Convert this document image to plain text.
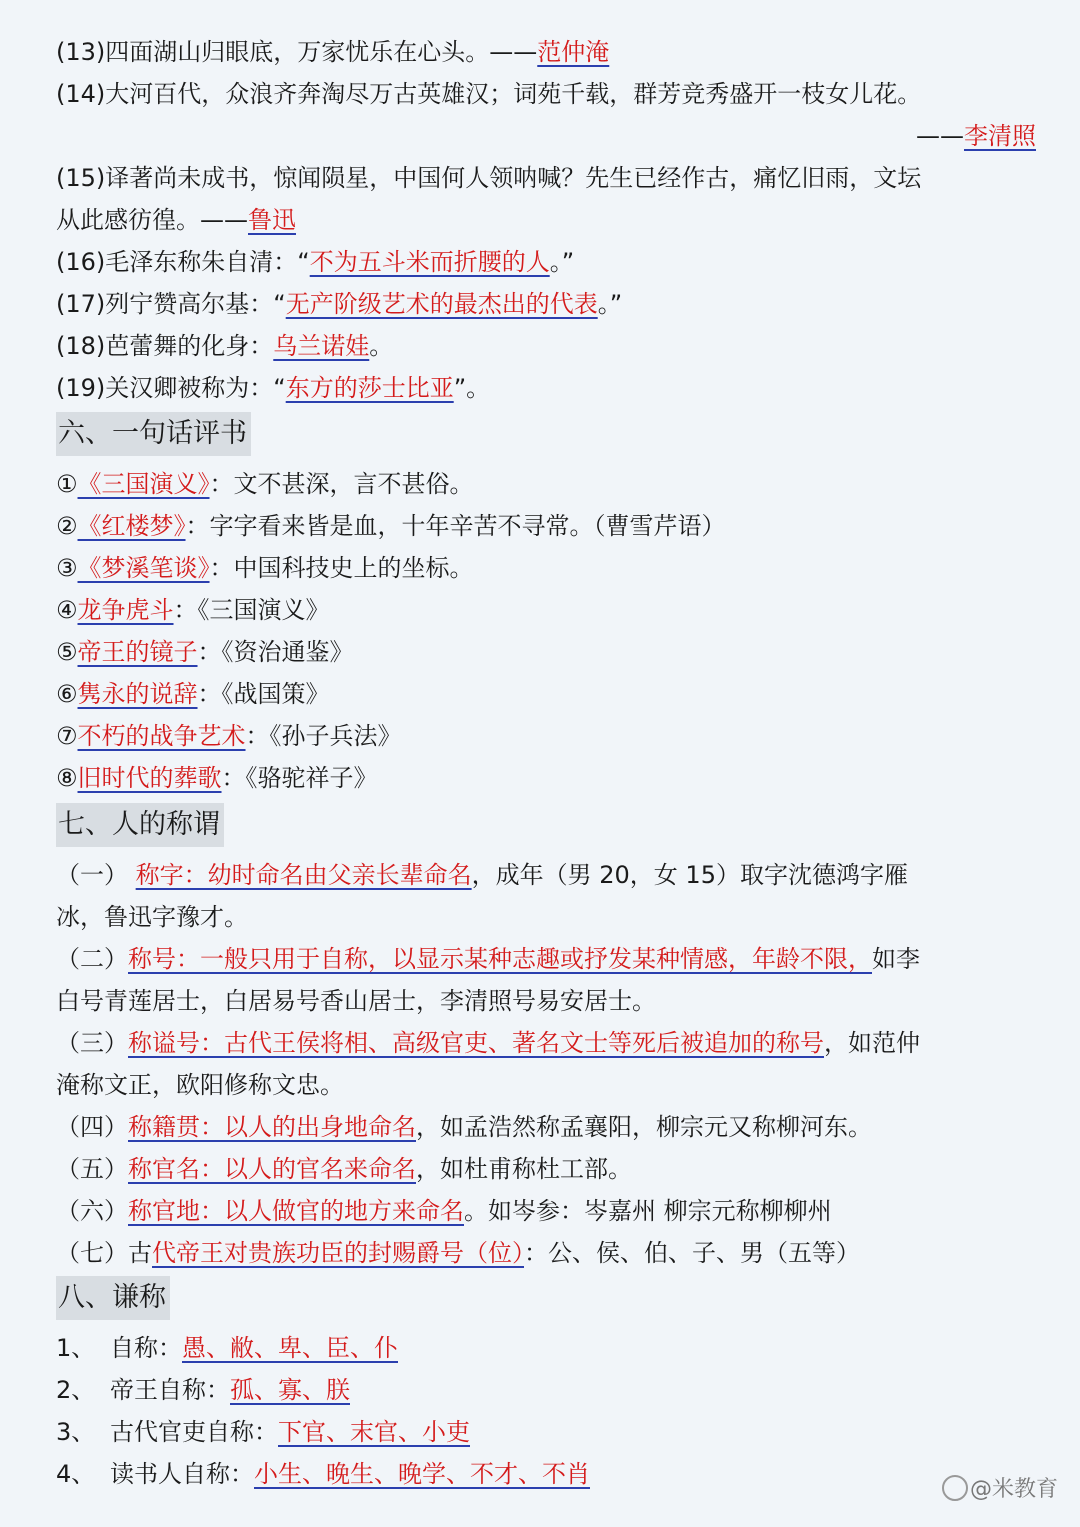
(13)四面湖山归眼底，万家忧乐在心头。——范仲淹
(14)大河百代，众浪齐奔淘尽万古英雄汉；词苑千载，群芳竞秀盛开一枝女儿花。
——李清照
(15)译著尚未成书，惊闻陨星，中国何人领呐喊？先生已经作古，痛忆旧雨，文坛
从此感彷徨。——鲁迅
(16)毛泽东称朱自清：“不为五斗米而折腰的人。”
(17)列宁赞高尔基：“无产阶级艺术的最杰出的代表。”
(18)芭蕾舞的化身：乌兰诺娃。
(19)关汉卿被称为：“东方的莎士比亚”。
六、一句话评书
①《三国演义》：文不甚深，言不甚俗。
②《红楼梦》：字字看来皆是血，十年辛苦不寻常。（曹雪芹语）
③《梦溪笔谈》：中国科技史上的坐标。
④龙争虎斗：《三国演义》
⑤帝王的镜子：《资治通鉴》
⑥隽永的说辞：《战国策》
⑦不朽的战争艺术：《孙子兵法》
⑧旧时代的葬歌：《骆驼祥子》
七、人的称谓
（一） 称字：幼时命名由父亲长辈命名，成年（男 20，女 15）取字沈德鸿字雁
冰，鲁迅字豫才。
（二）称号：一般只用于自称，以显示某种志趣或抒发某种情感，年龄不限，如李
白号青莲居士，白居易号香山居士，李清照号易安居士。
（三）称谥号：古代王侯将相、高级官吏、著名文士等死后被追加的称号，如范仲
淹称文正，欧阳修称文忠。
（四）称籍贯：以人的出身地命名，如孟浩然称孟襄阳，柳宗元又称柳河东。
（五）称官名：以人的官名来命名，如杜甫称杜工部。
（六）称官地：以人做官的地方来命名。如岑参：岑嘉州 柳宗元称柳柳州
（七）古代帝王对贵族功臣的封赐爵号（位）：公、侯、伯、子、男（五等）
八、谦称
1、 自称：愚、敝、卑、臣、仆
2、 帝王自称：孤、寡、朕
3、 古代官吏自称：下官、末官、小吏
4、 读书人自称：小生、晚生、晚学、不才、不肖
@米教育
